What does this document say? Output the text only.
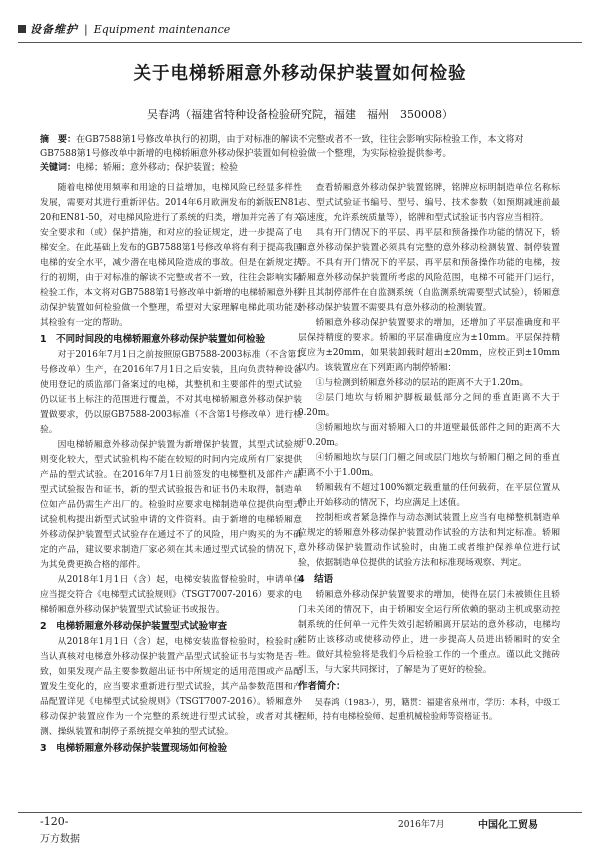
设备维护 | Equipment maintenance
关于电梯轿厢意外移动保护装置如何检验
吴春鸿（福建省特种设备检验研究院，福建　福州　350008）
摘　要：在GB7588第1号修改单执行的初期，由于对标准的解读不完整或者不一致，往往会影响实际检验工作，本文将对GB7588第1号修改单中新增的电梯轿厢意外移动保护装置如何检验做一个整理，为实际检验提供参考。
关键词：电梯；轿厢；意外移动；保护装置；检验

随着电梯使用频率和用途的日益增加，电梯风险已经显多样性发展，需要对其进行重新评估。2014年6月欧洲发布的新版EN81-20和EN81-50，对电梯风险进行了系统的归类，增加并完善了有关安全要求和（或）保护措施，和对应的验证规定，进一步提高了电梯安全。在此基础上发布的GB7588第1号修改单将有利于提高我国电梯的安全水平，减少潜在电梯风险造成的事故。但是在新规定执行的初期，由于对标准的解读不完整或者不一致，往往会影响实际检验工作，本文将对GB7588第1号修改单中新增的电梯轿厢意外移动保护装置如何检验做一个整理，希望对大家理解电梯此项功能及其检验有一定的帮助。

1　不同时间段的电梯轿厢意外移动保护装置如何检验

对于2016年7月1日之前按照原GB7588-2003标准（不含第1号修改单）生产，在2016年7月1日之后安装，且向负责特种设备使用登记的质监部门备案过的电梯，其整机和主要部件的型式试验仍以证书上标注的范围进行覆盖，不对其电梯轿厢意外移动保护装置做要求，仍以原GB7588-2003标准（不含第1号修改单）进行检验。

因电梯轿厢意外移动保护装置为新增保护装置，其型式试验规则变化较大，型式试验机构不能在较短的时间内完成所有厂家提供产品的型式试验。在2016年7月1日前签发的电梯整机及部件产品型式试验报告和证书，新的型式试验报告和证书仍未取得，制造单位如产品仍需生产出厂的。检验时应要求电梯制造单位提供向型式试验机构提出新型式试验申请的文件资料。由于新增的电梯轿厢意外移动保护装置型式试验存在通过不了的风险，用户购买的为不确定的产品，建议要求制造厂家必须在其未通过型式试验的情况下，为其免费更换合格的部件。

从2018年1月1日（含）起，电梯安装监督检验时，申请单位应当提交符合《电梯型式试验规则》（TSGT7007-2016）要求的电梯轿厢意外移动保护装置型式试验证书或报告。

2　电梯轿厢意外移动保护装置型式试验审查

从2018年1月1日（含）起，电梯安装监督检验时，检验时应当认真核对电梯意外移动保护装置产品型式试验证书与实物是否一致，如果发现产品主要参数超出证书中所规定的适用范围或产品配置发生变化的，应当要求重新进行型式试验，其产品参数范围和产品配置详见《电梯型式试验规则》（TSGT7007-2016）。轿厢意外移动保护装置应作为一个完整的系统进行型式试验，或者对其检测、操纵装置和制停子系统提交单独的型式试验。

3　电梯轿厢意外移动保护装置现场如何检验

查看轿厢意外移动保护装置铭牌，铭牌应标明制造单位名称标志、型式试验证书编号、型号、编号、技术参数（如预期减速前最高速度，允许系统质量等），铭牌和型式试验证书内容应当相符。

具有开门情况下的平层、再平层和预备操作功能的情况下，轿厢意外移动保护装置必须具有完整的意外移动检测装置、制停装置等。不具有开门情况下的平层、再平层和预备操作功能的电梯，按轿厢意外移动保护装置所考虑的风险范围，电梯不可能开门运行，并且其制停部件在自监测系统（自监测系统需要型式试验），轿厢意外移动保护装置不需要具有意外移动的检测装置。

轿厢意外移动保护装置要求的增加，还增加了平层准确度和平层保持精度的要求。轿厢的平层准确度应为±10mm。平层保持精度应为±20mm，如果装卸载时超出±20mm，应校正到±10mm以内。该装置应在下列距离内制停轿厢：

①与检测到轿厢意外移动的层站的距离不大于1.20m。

②层门地坎与轿厢护脚板最低部分之间的垂直距离不大于0.20m。

③轿厢地坎与面对轿厢入口的井道壁最低部件之间的距离不大于0.20m。

④轿厢地坎与层门门楣之间或层门地坎与轿厢门楣之间的垂直距离不小于1.00m。

轿厢载有不超过100%额定载重量的任何载荷，在平层位置从静止开始移动的情况下，均应满足上述值。

控制柜或者紧急操作与动态测试装置上应当有电梯整机制造单位规定的轿厢意外移动保护装置动作试验的方法和判定标准。轿厢意外移动保护装置动作试验时，由施工或者维护保养单位进行试验，依据制造单位提供的试验方法和标准现场观察、判定。

4　结语

轿厢意外移动保护装置要求的增加，使得在层门未被锁住且轿门未关闭的情况下，由于轿厢安全运行所依赖的驱动主机或驱动控制系统的任何单一元件失效引起轿厢离开层站的意外移动，电梯均能防止该移动或使移动停止，进一步提高人员进出轿厢时的安全性。做好其检验将是我们今后检验工作的一个重点。谨以此文抛砖引玉，与大家共同探讨，了解是为了更好的检验。

作者简介：

吴春鸿（1983-），男，籍贯：福建省泉州市，学历：本科，中级工程师，持有电梯检验师、起重机械检验师等资格证书。

-120-
万方数据
2016年7月	中国化工贸易
